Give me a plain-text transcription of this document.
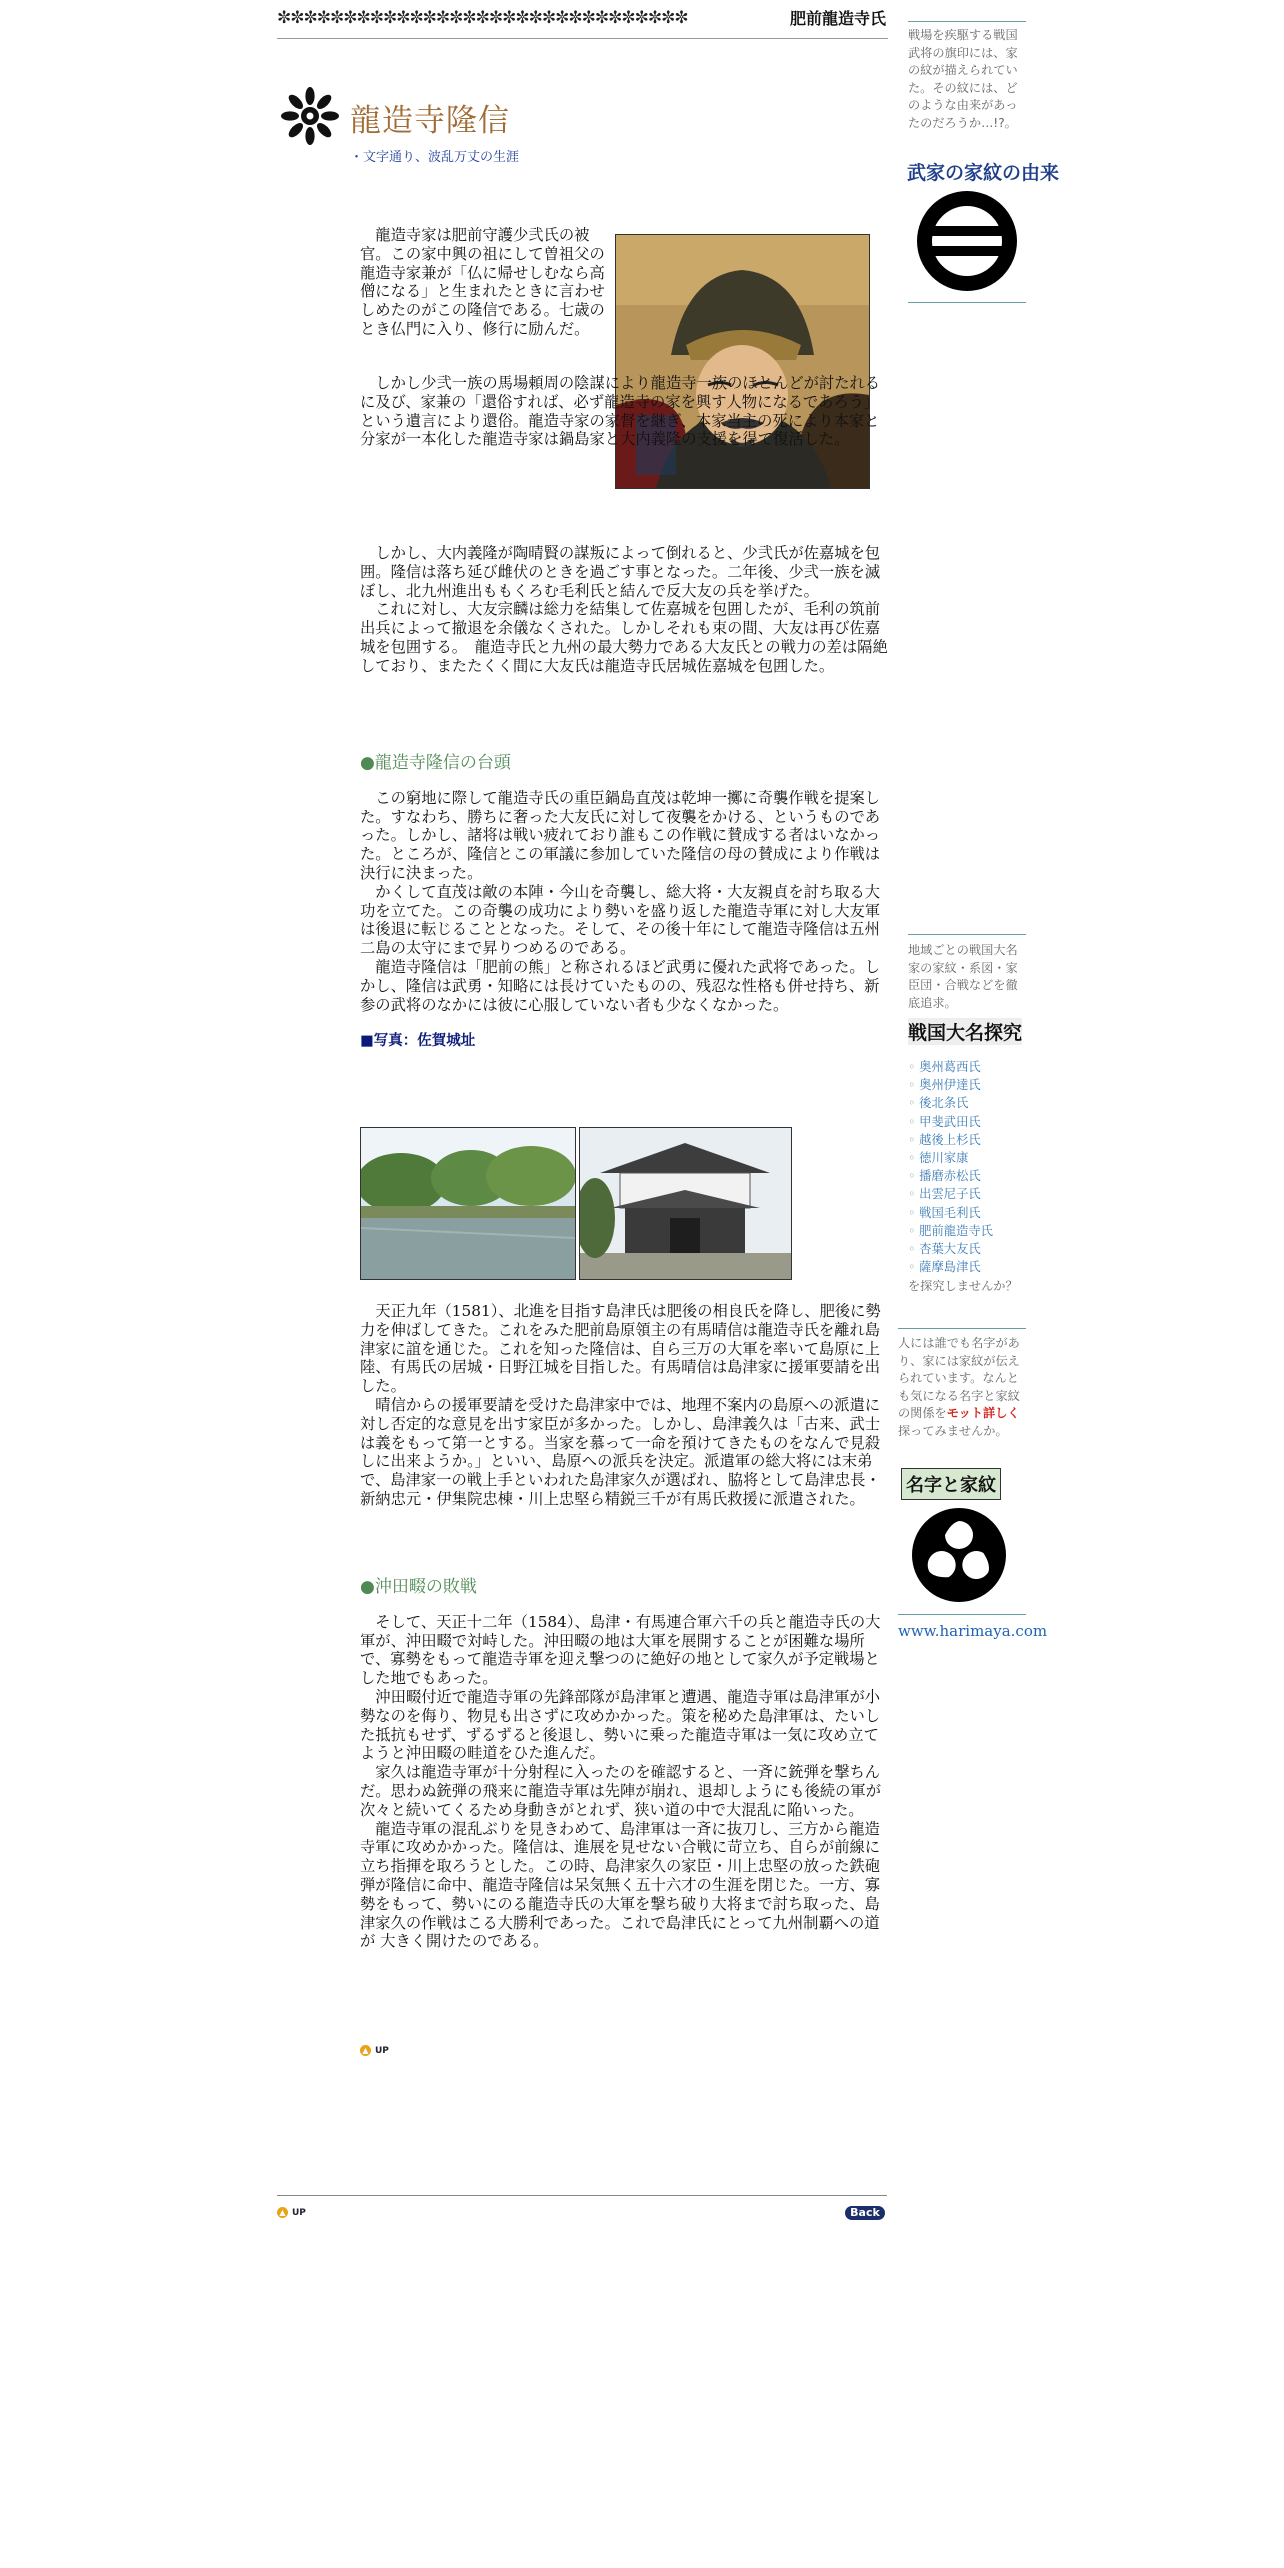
✼✼✼✼✼✼✼✼✼✼✼✼✼✼✼✼✼✼✼✼✼✼✼✼✼✼✼✼✼✼✼	肥前龍造寺氏
龍造寺隆信
・文字通り、波乱万丈の生涯

龍造寺家は肥前守護少弐氏の被官。この家中興の祖にして曽祖父の龍造寺家兼が「仏に帰せしむなら高僧になる」と生まれたときに言わせしめたのがこの隆信である。七歳のとき仏門に入り、修行に励んだ。

しかし少弐一族の馬場頼周の陰謀により龍造寺一族のほとんどが討たれるに及び、家兼の「還俗すれば、必ず龍造寺の家を興す人物になるであろう」という遺言により還俗。龍造寺家の家督を継ぎ、本家当主の死により本家と分家が一本化した龍造寺家は鍋島家と大内義隆の支援を得て復活した。

しかし、大内義隆が陶晴賢の謀叛によって倒れると、少弐氏が佐嘉城を包囲。隆信は落ち延び雌伏のときを過ごす事となった。二年後、少弐一族を滅ぼし、北九州進出ももくろむ毛利氏と結んで反大友の兵を挙げた。

これに対し、大友宗麟は総力を結集して佐嘉城を包囲したが、毛利の筑前出兵によって撤退を余儀なくされた。しかしそれも束の間、大友は再び佐嘉城を包囲する。　龍造寺氏と九州の最大勢力である大友氏との戦力の差は隔絶しており、またたくく間に大友氏は龍造寺氏居城佐嘉城を包囲した。

●龍造寺隆信の台頭

この窮地に際して龍造寺氏の重臣鍋島直茂は乾坤一擲に奇襲作戦を提案した。すなわち、勝ちに奢った大友氏に対して夜襲をかける、というものであった。しかし、諸将は戦い疲れており誰もこの作戦に賛成する者はいなかった。ところが、隆信とこの軍議に参加していた隆信の母の賛成により作戦は決行に決まった。

かくして直茂は敵の本陣・今山を奇襲し、総大将・大友親貞を討ち取る大功を立てた。この奇襲の成功により勢いを盛り返した龍造寺軍に対し大友軍は後退に転じることとなった。そして、その後十年にして龍造寺隆信は五州二島の太守にまで昇りつめるのである。

龍造寺隆信は「肥前の熊」と称されるほど武勇に優れた武将であった。しかし、隆信は武勇・知略には長けていたものの、残忍な性格も併せ持ち、新参の武将のなかには彼に心服していない者も少なくなかった。

■写真：佐賀城址

天正九年（1581）、北進を目指す島津氏は肥後の相良氏を降し、肥後に勢力を伸ばしてきた。これをみた肥前島原領主の有馬晴信は龍造寺氏を離れ島津家に誼を通じた。これを知った隆信は、自ら三万の大軍を率いて島原に上陸、有馬氏の居城・日野江城を目指した。有馬晴信は島津家に援軍要請を出した。

晴信からの援軍要請を受けた島津家中では、地理不案内の島原への派遣に対し否定的な意見を出す家臣が多かった。しかし、島津義久は「古来、武士は義をもって第一とする。当家を慕って一命を預けてきたものをなんで見殺しに出来ようか。」といい、島原への派兵を決定。派遣軍の総大将には末弟で、島津家一の戦上手といわれた島津家久が選ばれ、脇将として島津忠長・新納忠元・伊集院忠棟・川上忠堅ら精鋭三千が有馬氏救援に派遣された。

●沖田畷の敗戦

そして、天正十二年（1584）、島津・有馬連合軍六千の兵と龍造寺氏の大軍が、沖田畷で対峙した。沖田畷の地は大軍を展開することが困難な場所で、寡勢をもって龍造寺軍を迎え撃つのに絶好の地として家久が予定戦場とした地でもあった。

沖田畷付近で龍造寺軍の先鋒部隊が島津軍と遭遇、龍造寺軍は島津軍が小勢なのを侮り、物見も出さずに攻めかかった。策を秘めた島津軍は、たいした抵抗もせず、ずるずると後退し、勢いに乗った龍造寺軍は一気に攻め立てようと沖田畷の畦道をひた進んだ。

家久は龍造寺軍が十分射程に入ったのを確認すると、一斉に銃弾を撃ちんだ。思わぬ銃弾の飛来に龍造寺軍は先陣が崩れ、退却しようにも後続の軍が次々と続いてくるため身動きがとれず、狭い道の中で大混乱に陥いった。

龍造寺軍の混乱ぶりを見きわめて、島津軍は一斉に抜刀し、三方から龍造寺軍に攻めかかった。隆信は、進展を見せない合戦に苛立ち、自らが前線に立ち指揮を取ろうとした。この時、島津家久の家臣・川上忠堅の放った鉄砲弾が隆信に命中、龍造寺隆信は呆気無く五十六才の生涯を閉じた。一方、寡勢をもって、勢いにのる龍造寺氏の大軍を撃ち破り大将まで討ち取った、島津家久の作戦はこる大勝利であった。これで島津氏にとって九州制覇への道が 大きく開けたのである。

▲ UP
▲ UP	Back
戦場を疾駆する戦国武将の旗印には、家の紋が描えられていた。その紋には、どのような由来があったのだろうか…!?。
武家の家紋の由来
地域ごとの戦国大名家の家紋・系図・家臣団・合戦などを徹底追求。
戦国大名探究
◦ 奥州葛西氏
◦ 奥州伊達氏
◦ 後北条氏
◦ 甲斐武田氏
◦ 越後上杉氏
◦ 徳川家康
◦ 播磨赤松氏
◦ 出雲尼子氏
◦ 戦国毛利氏
◦ 肥前龍造寺氏
◦ 杏葉大友氏
◦ 薩摩島津氏
を探究しませんか？
人には誰でも名字があり、家には家紋が伝えられています。なんとも気になる名字と家紋の関係をモット詳しく探ってみませんか。
名字と家紋
www.harimaya.com
